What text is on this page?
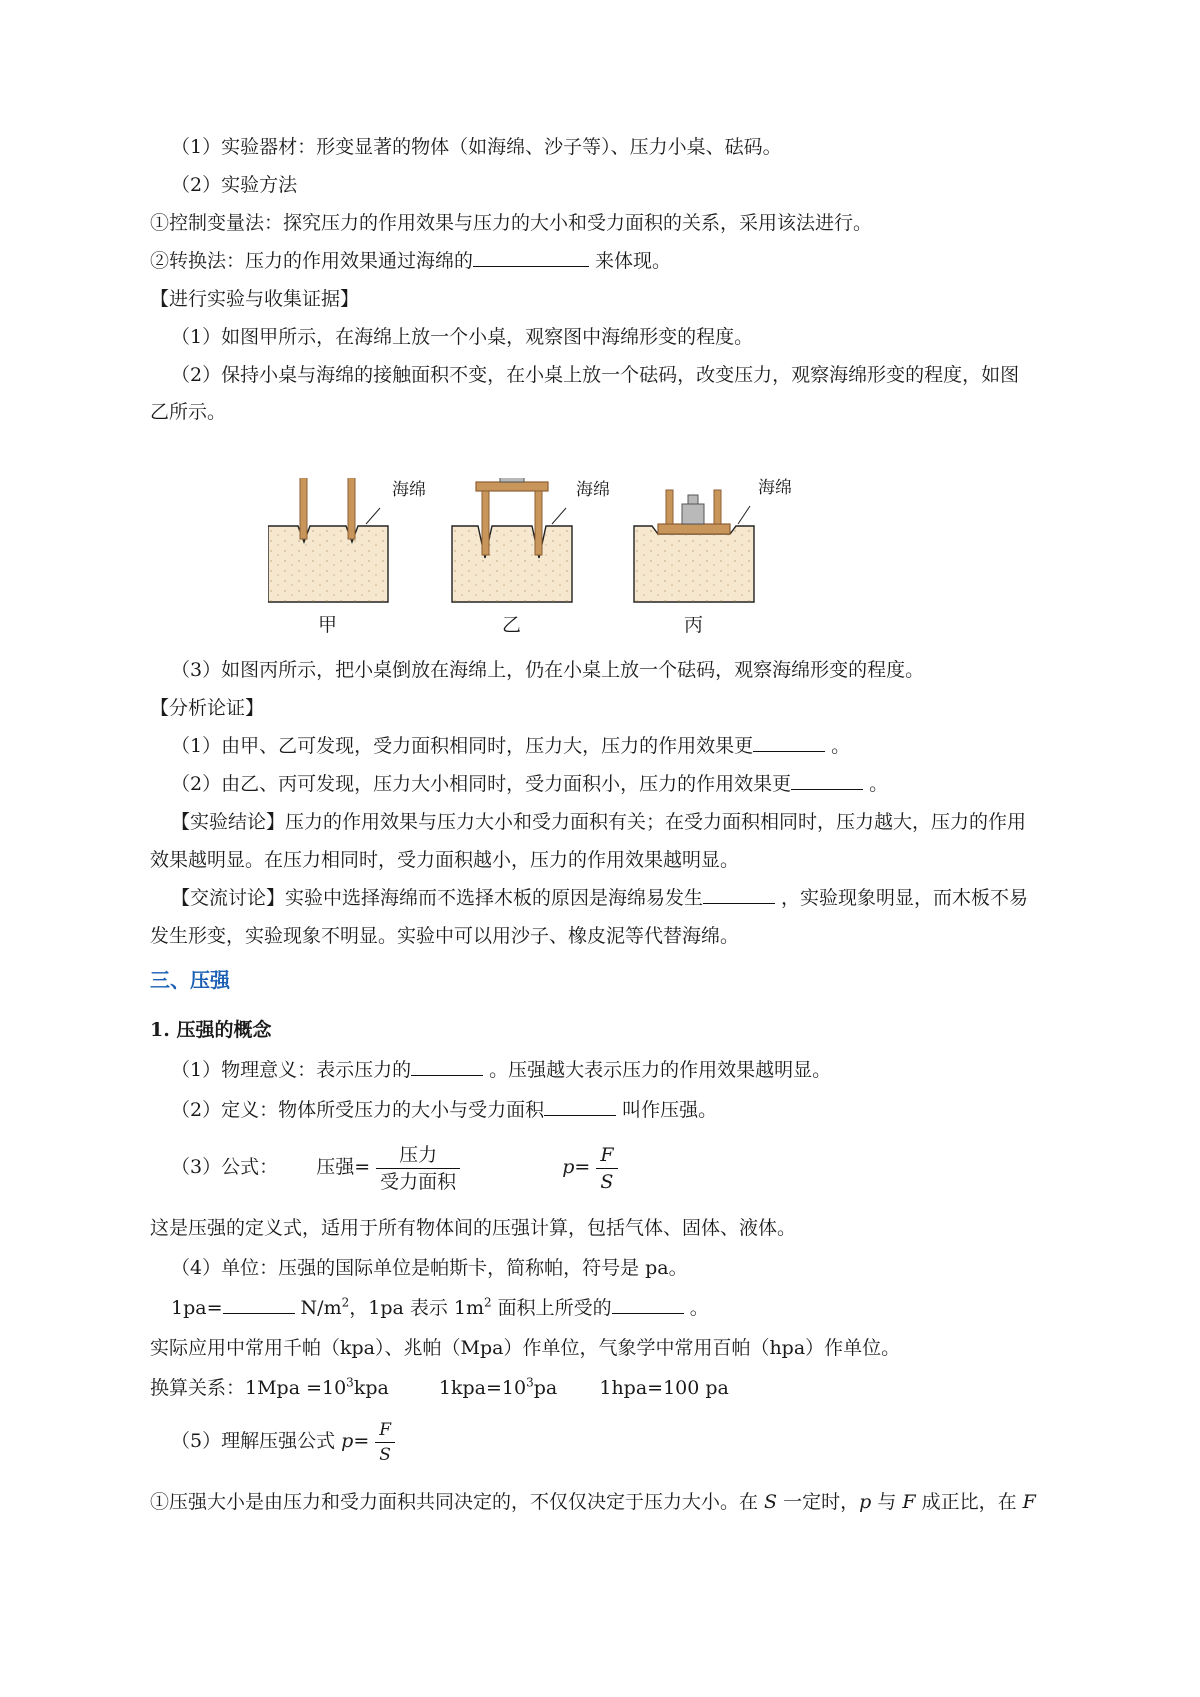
（1）实验器材：形变显著的物体（如海绵、沙子等）、压力小桌、砝码。
（2）实验方法
①控制变量法：探究压力的作用效果与压力的大小和受力面积的关系，采用该法进行。
②转换法：压力的作用效果通过海绵的	来体现。
【进行实验与收集证据】
（1）如图甲所示，在海绵上放一个小桌，观察图中海绵形变的程度。
（2）保持小桌与海绵的接触面积不变，在小桌上放一个砝码，改变压力，观察海绵形变的程度，如图
乙所示。
海绵	海绵	海绵
甲	乙	丙
（3）如图丙所示，把小桌倒放在海绵上，仍在小桌上放一个砝码，观察海绵形变的程度。
【分析论证】
（1）由甲、乙可发现，受力面积相同时，压力大，压力的作用效果更	。
（2）由乙、丙可发现，压力大小相同时，受力面积小，压力的作用效果更	。
【实验结论】压力的作用效果与压力大小和受力面积有关；在受力面积相同时，压力越大，压力的作用
效果越明显。在压力相同时，受力面积越小，压力的作用效果越明显。
【交流讨论】实验中选择海绵而不选择木板的原因是海绵易发生	，实验现象明显，而木板不易
发生形变，实验现象不明显。实验中可以用沙子、橡皮泥等代替海绵。
三、压强
1. 压强的概念
（1）物理意义：表示压力的	。压强越大表示压力的作用效果越明显。
（2）定义：物体所受压力的大小与受力面积	叫作压强。
（3）公式： 压强= $\frac{\text{压力}}{\text{受力面积}}$	$p= \frac{F}{S}$
这是压强的定义式，适用于所有物体间的压强计算，包括气体、固体、液体。
（4）单位：压强的国际单位是帕斯卡，简称帕，符号是 pa。
1pa=	$N/m^2$，1pa 表示 $1m^2$ 面积上所受的	。
实际应用中常用千帕（kpa）、兆帕（Mpa）作单位，气象学中常用百帕（hpa）作单位。
换算关系：$1Mpa =10^3kpa$	$1kpa=10^3pa$ 1hpa=100 pa
（5）理解压强公式 $p= \frac{F}{S}$
①压强大小是由压力和受力面积共同决定的，不仅仅决定于压力大小。在 S 一定时，p 与 F 成正比，在 F
